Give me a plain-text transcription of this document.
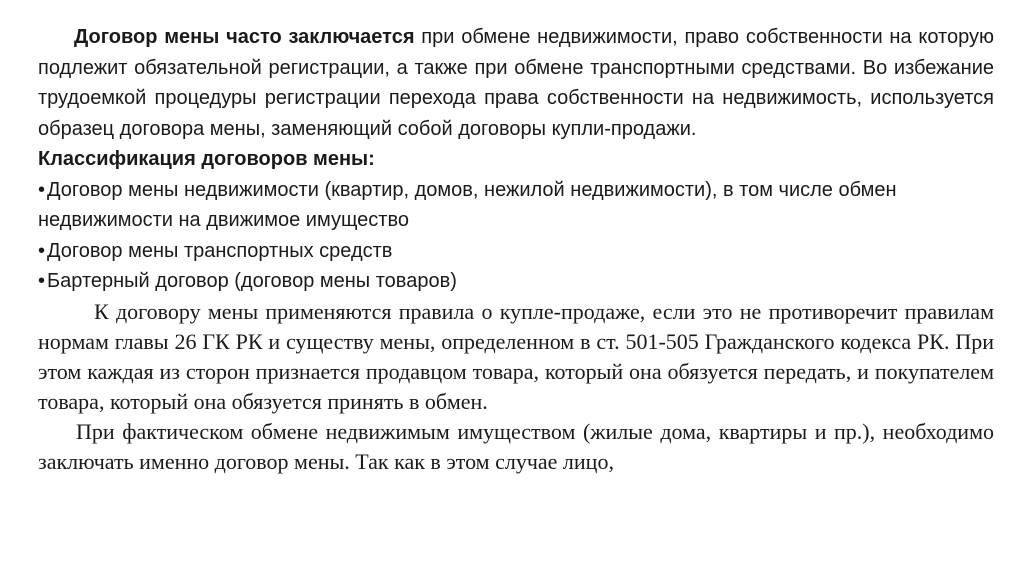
Договор мены часто заключается при обмене недвижимости, право собственности на которую подлежит обязательной регистрации, а также при обмене транспортными средствами. Во избежание трудоемкой процедуры регистрации перехода права собственности на недвижимость, используется образец договора мены, заменяющий собой договоры купли-продажи.

Классификация договоров мены:

• Договор мены недвижимости (квартир, домов, нежилой недвижимости), в том числе обмен недвижимости на движимое имущество
• Договор мены транспортных средств
• Бартерный договор (договор мены товаров)

К договору мены применяются правила о купле-продаже, если это не противоречит правилам нормам главы 26 ГК РК и существу мены, определенном в ст. 501-505 Гражданского кодекса РК. При этом каждая из сторон признается продавцом товара, который она обязуется передать, и покупателем товара, который она обязуется принять в обмен.

При фактическом обмене недвижимым имуществом (жилые дома, квартиры и пр.), необходимо заключать именно договор мены. Так как в этом случае лицо,
